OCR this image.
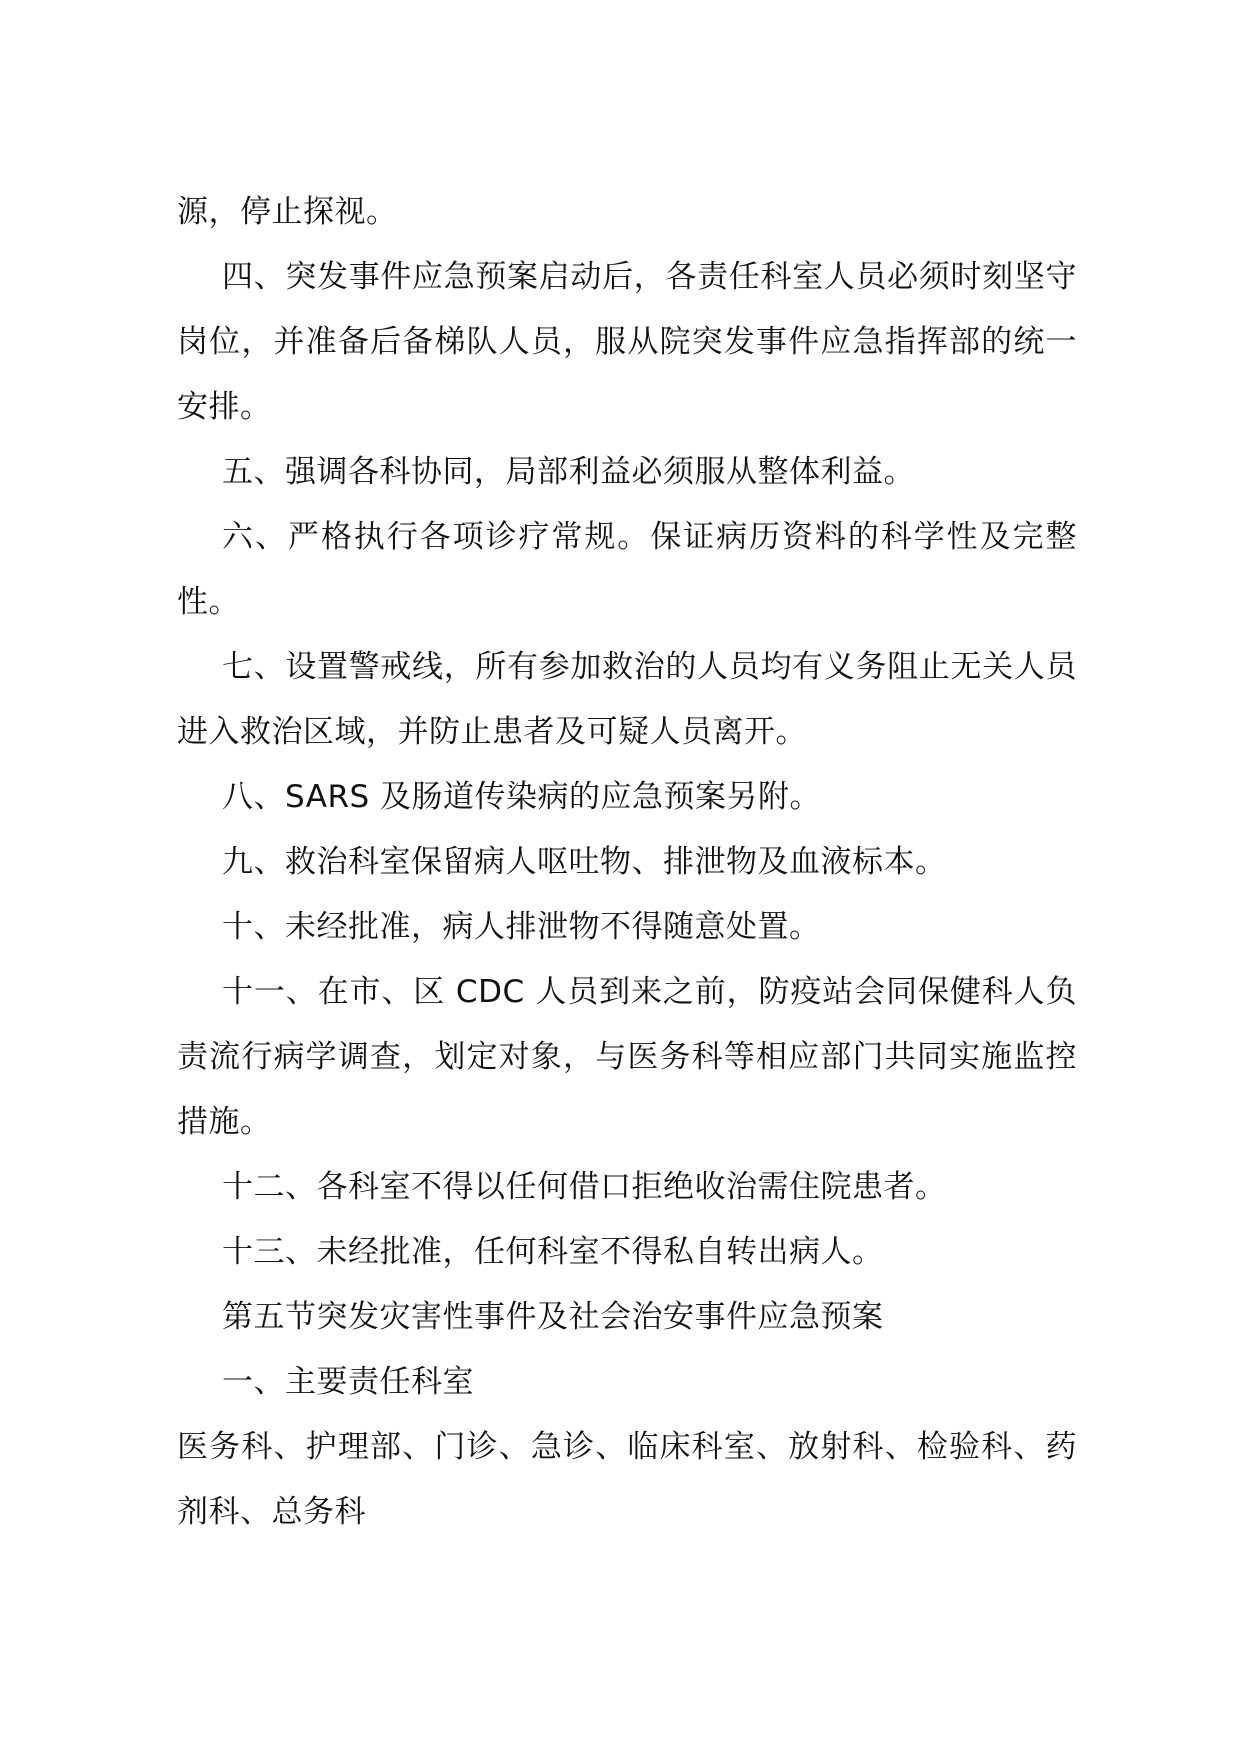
源，停止探视。

四、突发事件应急预案启动后，各责任科室人员必须时刻坚守岗位，并准备后备梯队人员，服从院突发事件应急指挥部的统一安排。

五、强调各科协同，局部利益必须服从整体利益。

六、严格执行各项诊疗常规。保证病历资料的科学性及完整性。

七、设置警戒线，所有参加救治的人员均有义务阻止无关人员进入救治区域，并防止患者及可疑人员离开。

八、SARS 及肠道传染病的应急预案另附。

九、救治科室保留病人呕吐物、排泄物及血液标本。

十、未经批准，病人排泄物不得随意处置。

十一、在市、区 CDC 人员到来之前，防疫站会同保健科人负责流行病学调查，划定对象，与医务科等相应部门共同实施监控措施。

十二、各科室不得以任何借口拒绝收治需住院患者。

十三、未经批准，任何科室不得私自转出病人。

第五节突发灾害性事件及社会治安事件应急预案

一、主要责任科室

医务科、护理部、门诊、急诊、临床科室、放射科、检验科、药剂科、总务科
